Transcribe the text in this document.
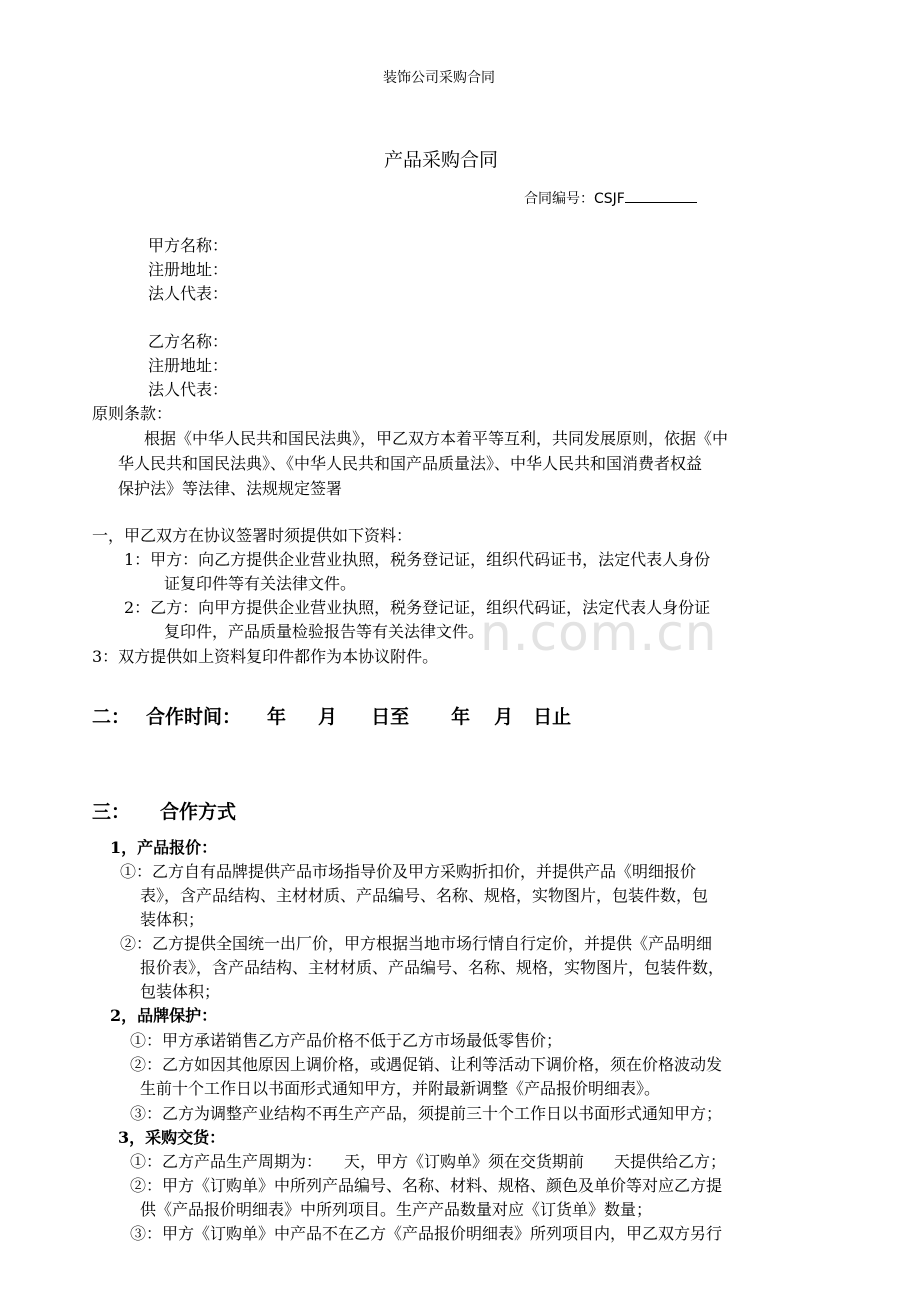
n.com.cn
装饰公司采购合同
产品采购合同
合同编号：CSJF
甲方名称：
注册地址：
法人代表：
乙方名称：
注册地址：
法人代表：
原则条款：
根据《中华人民共和国民法典》，甲乙双方本着平等互利，共同发展原则，依据《中
华人民共和国民法典》、《中华人民共和国产品质量法》、中华人民共和国消费者权益
保护法》等法律、法规规定签署
一，甲乙双方在协议签署时须提供如下资料：
1：甲方：向乙方提供企业营业执照，税务登记证，组织代码证书，法定代表人身份
证复印件等有关法律文件。
2：乙方：向甲方提供企业营业执照，税务登记证，组织代码证，法定代表人身份证
复印件，产品质量检验报告等有关法律文件。
3：双方提供如上资料复印件都作为本协议附件。
二： 合作时间： 年 月 日至 年 月 日止
三： 合作方式
1，产品报价：
①：乙方自有品牌提供产品市场指导价及甲方采购折扣价，并提供产品《明细报价
表》，含产品结构、主材材质、产品编号、名称、规格，实物图片，包装件数，包
装体积；
②：乙方提供全国统一出厂价，甲方根据当地市场行情自行定价，并提供《产品明细
报价表》，含产品结构、主材材质、产品编号、名称、规格，实物图片，包装件数，
包装体积；
2，品牌保护：
①：甲方承诺销售乙方产品价格不低于乙方市场最低零售价；
②：乙方如因其他原因上调价格，或遇促销、让利等活动下调价格，须在价格波动发
生前十个工作日以书面形式通知甲方，并附最新调整《产品报价明细表》。
③：乙方为调整产业结构不再生产产品，须提前三十个工作日以书面形式通知甲方；
3，采购交货：
①：乙方产品生产周期为： 天，甲方《订购单》须在交货期前 天提供给乙方；
②：甲方《订购单》中所列产品编号、名称、材料、规格、颜色及单价等对应乙方提
供《产品报价明细表》中所列项目。生产产品数量对应《订货单》数量；
③：甲方《订购单》中产品不在乙方《产品报价明细表》所列项目内，甲乙双方另行
